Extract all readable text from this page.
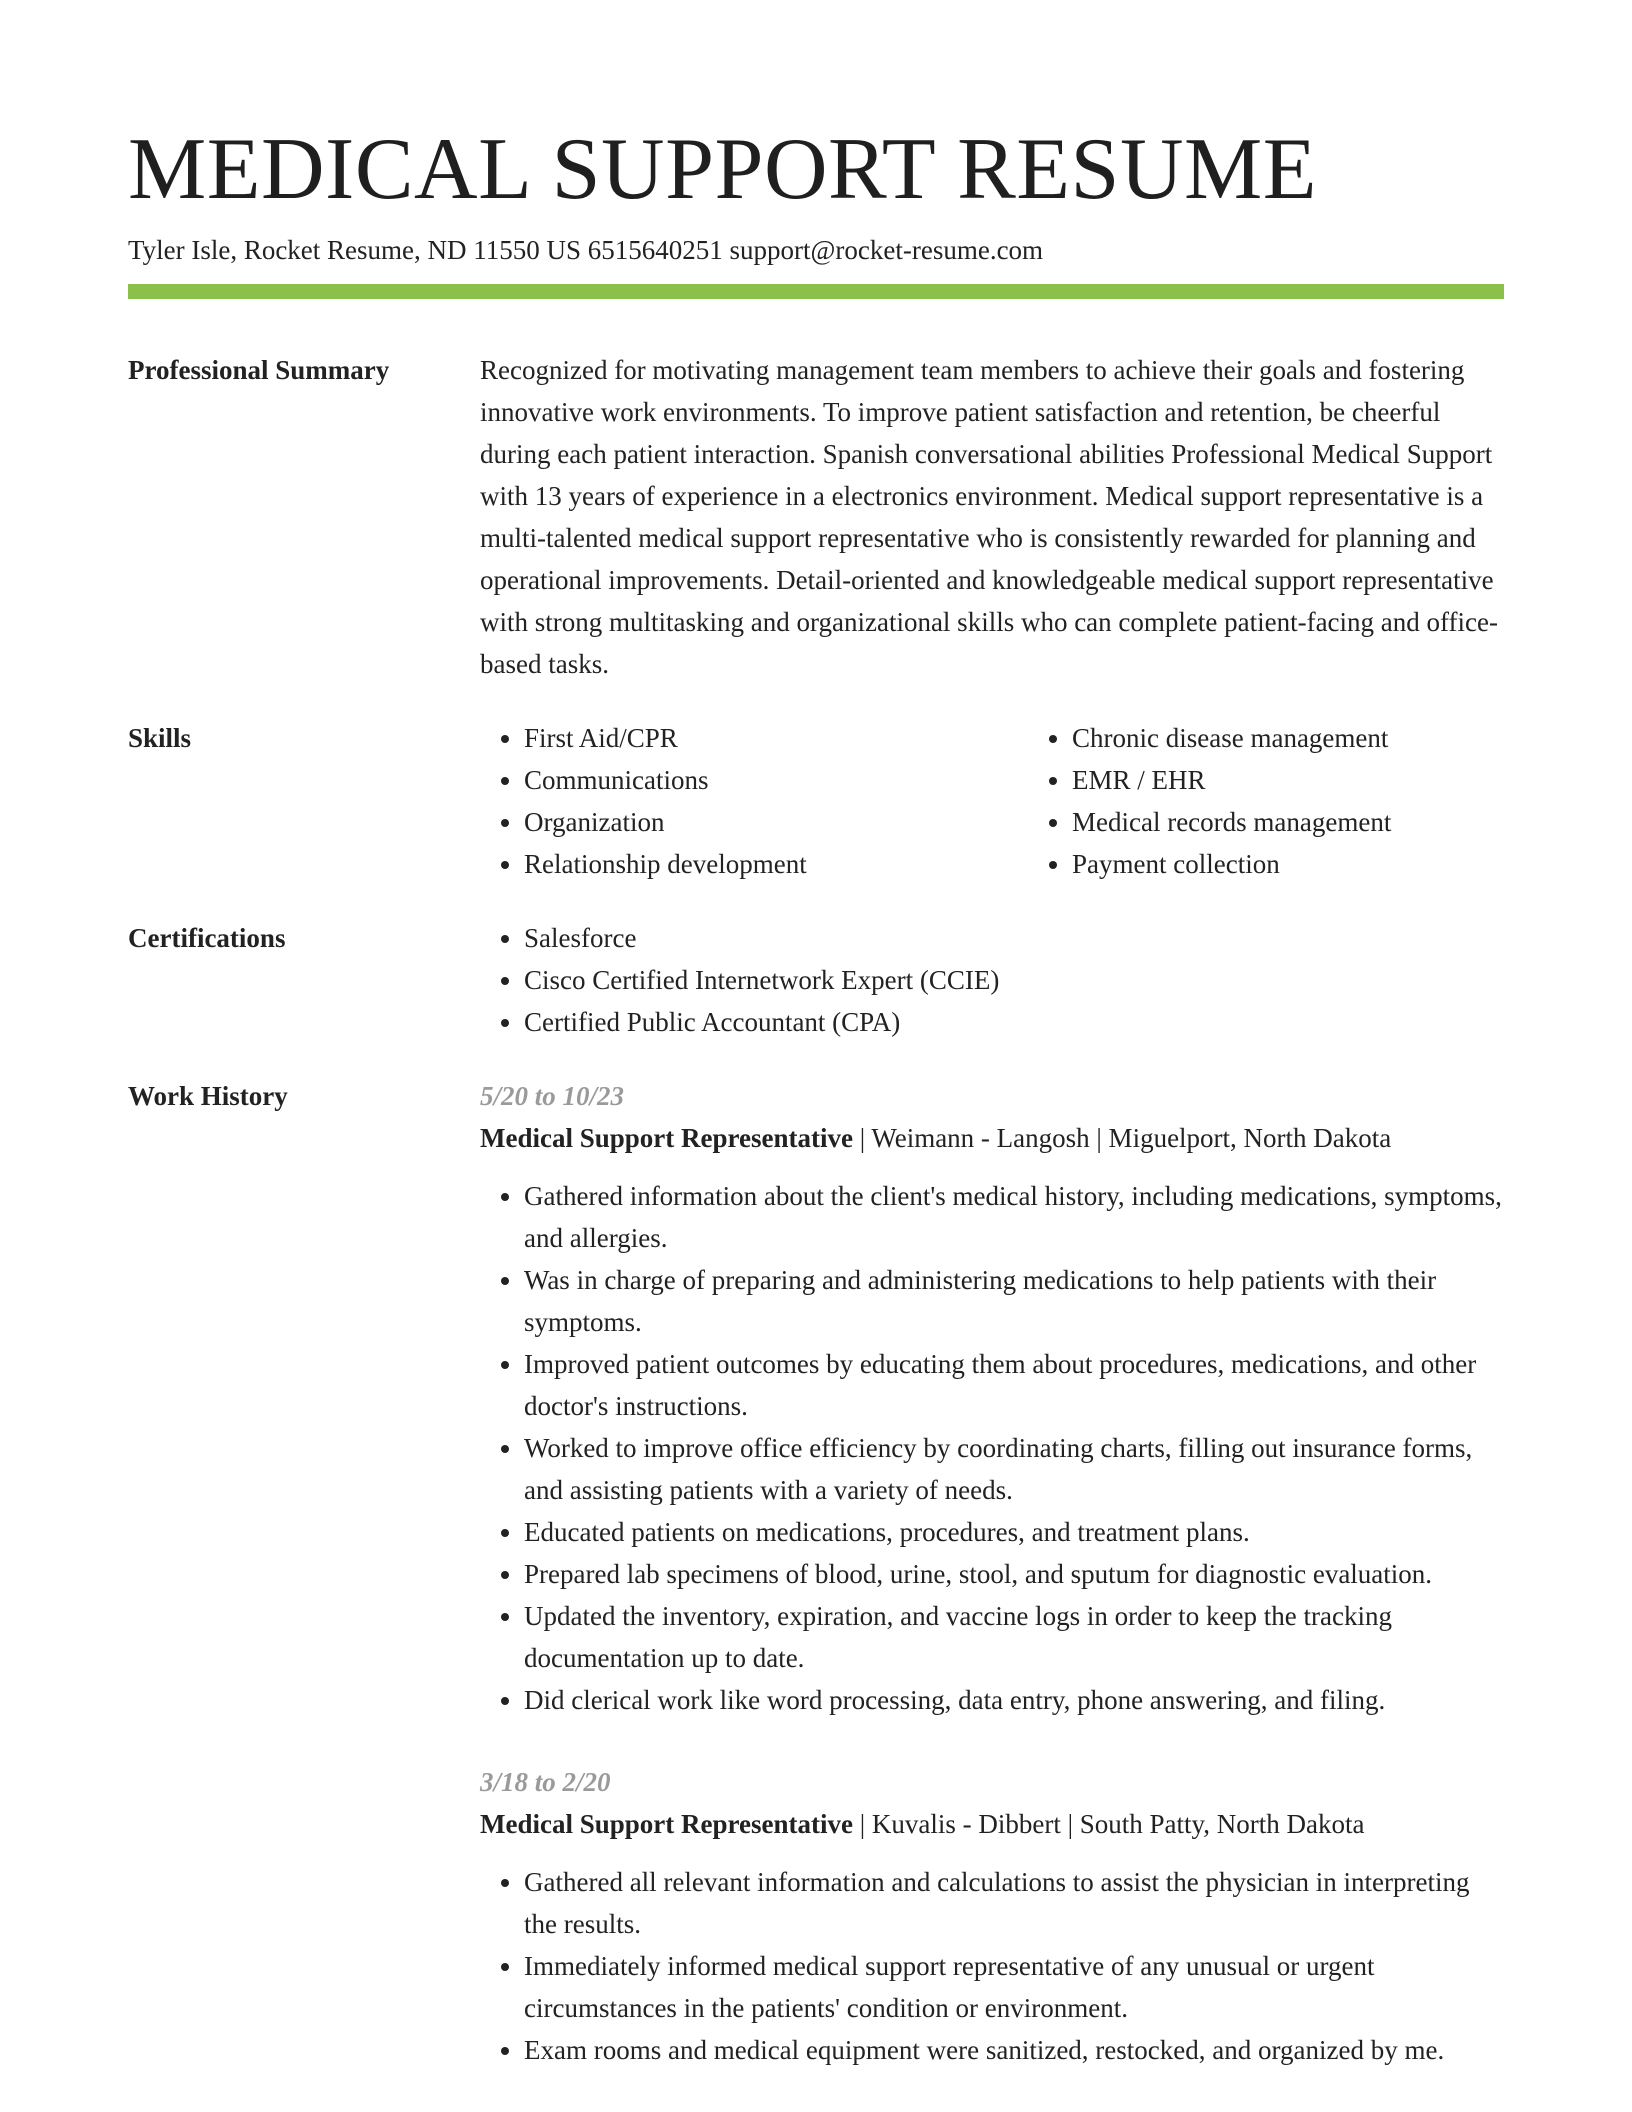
MEDICAL SUPPORT RESUME
Tyler Isle, Rocket Resume, ND 11550 US 6515640251 support@rocket-resume.com
Professional Summary	Recognized for motivating management team members to achieve their goals and fostering innovative work environments. To improve patient satisfaction and retention, be cheerful during each patient interaction. Spanish conversational abilities Professional Medical Support with 13 years of experience in a electronics environment. Medical support representative is a multi-talented medical support representative who is consistently rewarded for planning and operational improvements. Detail-oriented and knowledgeable medical support representative with strong multitasking and organizational skills who can complete patient-facing and office-based tasks.

Skills	• First Aid/CPR
• Communications
• Organization
• Relationship development
• Chronic disease management
• EMR / EHR
• Medical records management
• Payment collection
Certifications	• Salesforce
• Cisco Certified Internetwork Expert (CCIE)
• Certified Public Accountant (CPA)
Work History	5/20 to 10/23
Medical Support Representative | Weimann - Langosh | Miguelport, North Dakota
• Gathered information about the client's medical history, including medications, symptoms, and allergies.
• Was in charge of preparing and administering medications to help patients with their symptoms.
• Improved patient outcomes by educating them about procedures, medications, and other doctor's instructions.
• Worked to improve office efficiency by coordinating charts, filling out insurance forms, and assisting patients with a variety of needs.
• Educated patients on medications, procedures, and treatment plans.
• Prepared lab specimens of blood, urine, stool, and sputum for diagnostic evaluation.
• Updated the inventory, expiration, and vaccine logs in order to keep the tracking documentation up to date.
• Did clerical work like word processing, data entry, phone answering, and filing.
3/18 to 2/20
Medical Support Representative | Kuvalis - Dibbert | South Patty, North Dakota
• Gathered all relevant information and calculations to assist the physician in interpreting the results.
• Immediately informed medical support representative of any unusual or urgent circumstances in the patients' condition or environment.
• Exam rooms and medical equipment were sanitized, restocked, and organized by me.
